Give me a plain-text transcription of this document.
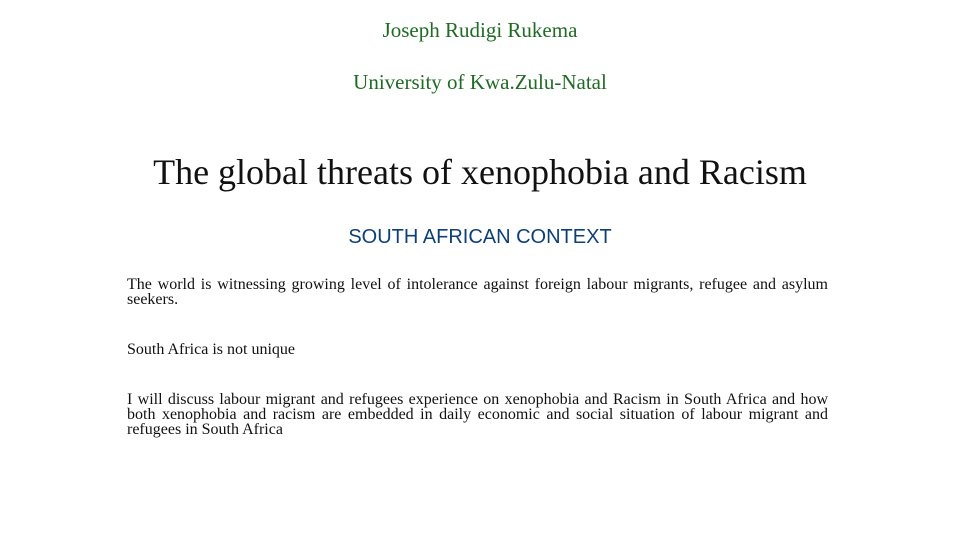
Joseph Rudigi Rukema
University of Kwa.Zulu-Natal
The global threats of xenophobia and Racism
SOUTH AFRICAN CONTEXT
The world is witnessing growing level of intolerance against foreign labour migrants, refugee and asylum seekers.
South Africa is not unique
I will discuss labour migrant and refugees experience on xenophobia and Racism in South Africa and how both xenophobia and racism are embedded in daily economic and social situation of labour migrant and refugees in South Africa
